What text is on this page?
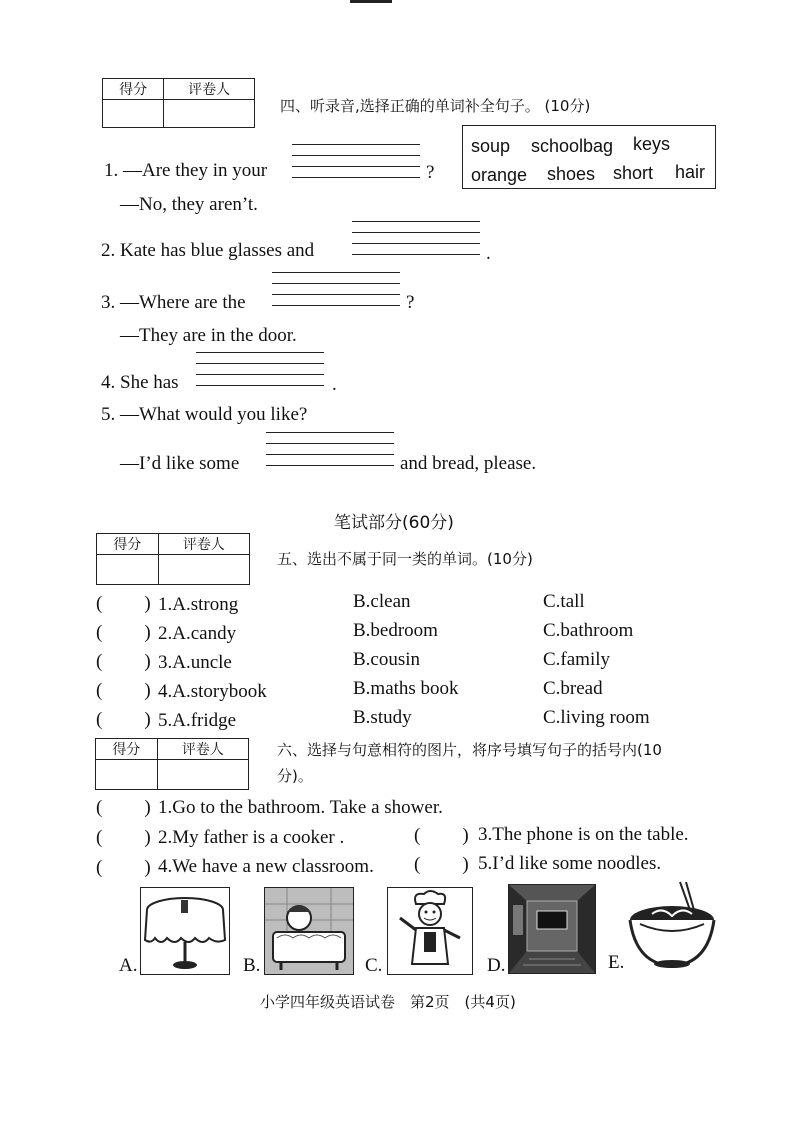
得分	评卷人

四、听录音,选择正确的单词补全句子。 (10分)
soup schoolbag keys
orange shoes short hair
1. —Are they in your	?
—No, they aren’t.
2. Kate has blue glasses and	.
3. —Where are the	?
—They are in the door.
4. She has	.
5. —What would you like?
—I’d like some	and bread, please.
笔试部分(60分)
得分	评卷人

五、选出不属于同一类的单词。(10分)
( ) 1.A.strong	B.clean	C.tall
( ) 2.A.candy	B.bedroom	C.bathroom
( ) 3.A.uncle	B.cousin	C.family
( ) 4.A.storybook	B.maths book	C.bread
( ) 5.A.fridge	B.study	C.living room
得分	评卷人
		六、选择与句意相符的图片，将序号填写句子的括号内(10
分)。
( ) 1.Go to the bathroom. Take a shower.
( ) 2.My father is a cooker .	( ) 3.The phone is on the table.
( ) 4.We have a new classroom. ( ) 5.I’d like some noodles.
A.	B.	C.	D.	E.
小学四年级英语试卷　第2页　(共4页)
